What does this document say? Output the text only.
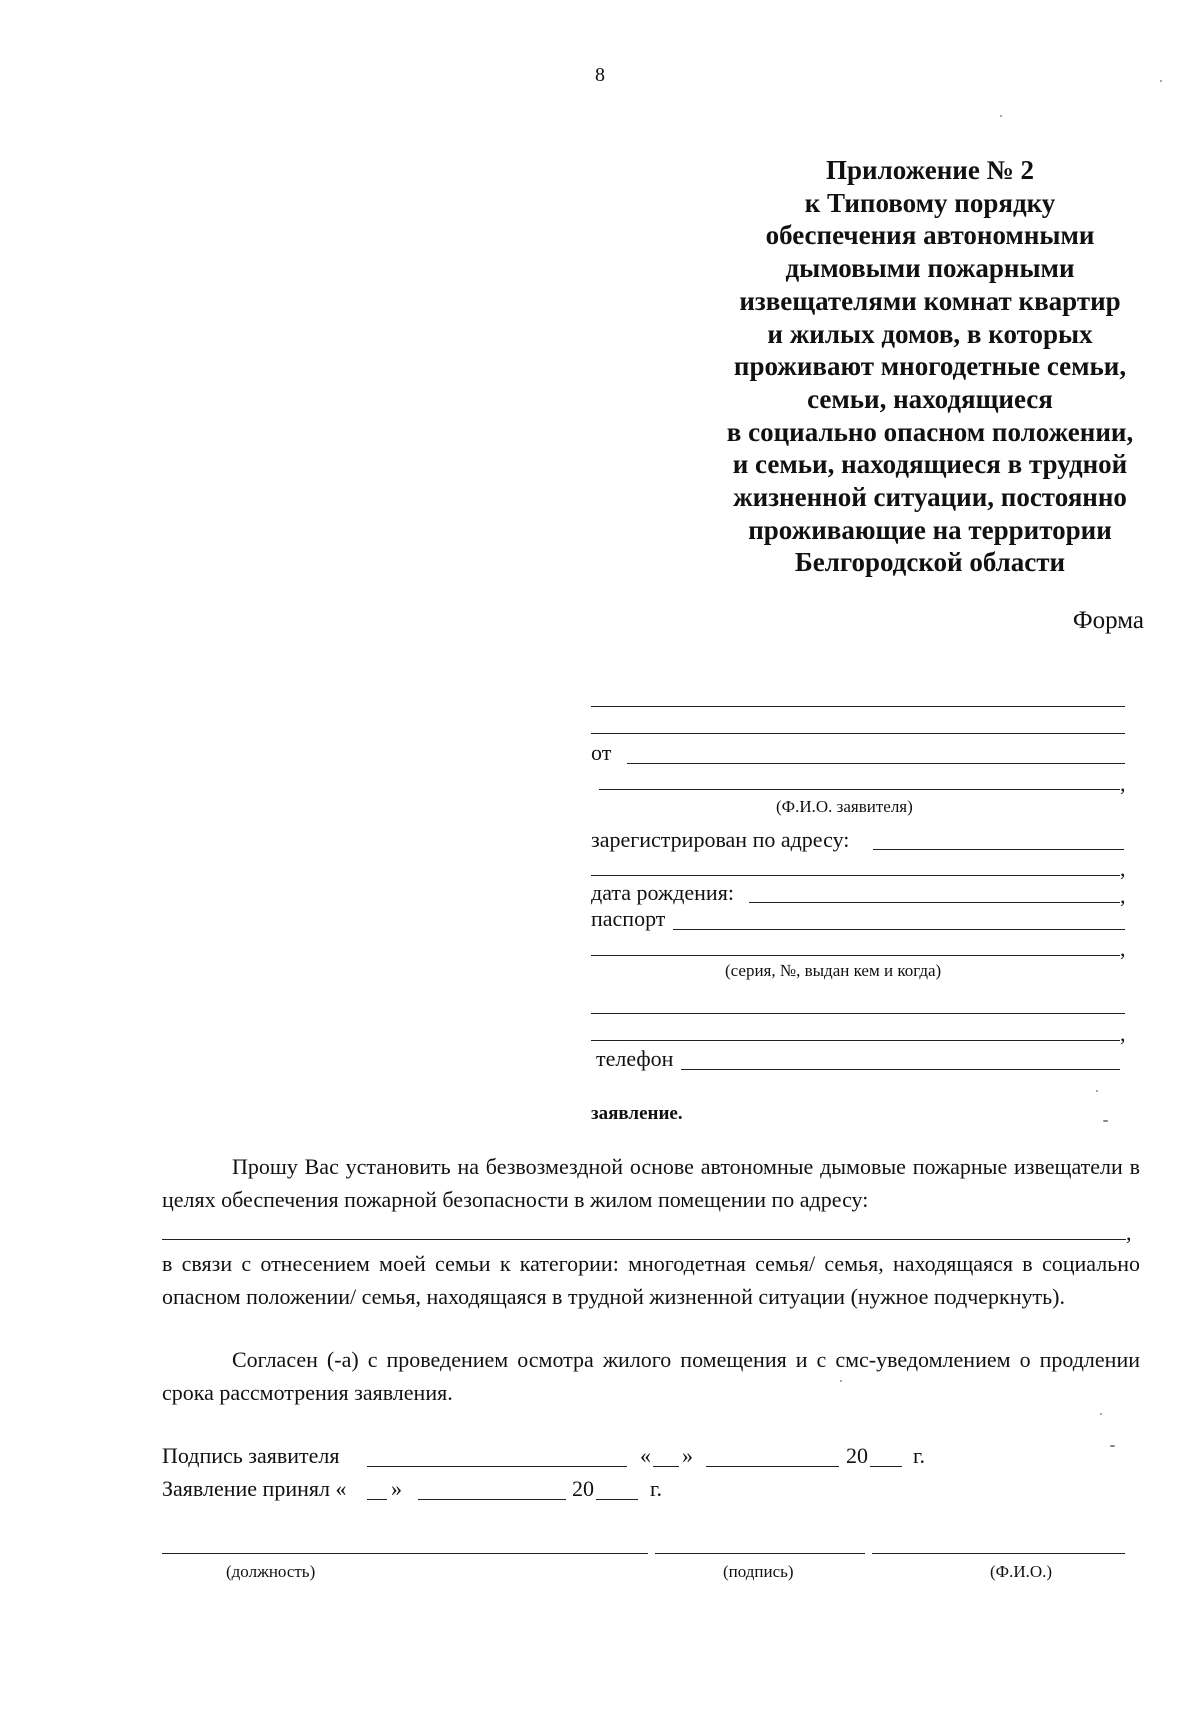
8
Приложение № 2
к Типовому порядку
обеспечения автономными
дымовыми пожарными
извещателями комнат квартир
и жилых домов, в которых
проживают многодетные семьи,
семьи, находящиеся
в социально опасном положении,
и семьи, находящиеся в трудной
жизненной ситуации, постоянно
проживающие на территории
Белгородской области
Форма
от
,
(Ф.И.О. заявителя)
зарегистрирован по адресу:
,
дата рождения:	,
паспорт
,
(серия, №, выдан кем и когда)
,
телефон
заявление.

Прошу Вас установить на безвозмездной основе автономные дымовые пожарные извещатели в целях обеспечения пожарной безопасности в жилом помещении по адресу:

,

в связи с отнесением моей семьи к категории: многодетная семья/ семья, находящаяся в социально опасном положении/ семья, находящаяся в трудной жизненной ситуации (нужное подчеркнуть).

Согласен (-а) с проведением осмотра жилого помещения и с смс-уведомлением о продлении срока рассмотрения заявления.

Подпись заявителя	« »	20 г.
Заявление принял « »	20	г.
(должность)	(подпись)	(Ф.И.О.)
